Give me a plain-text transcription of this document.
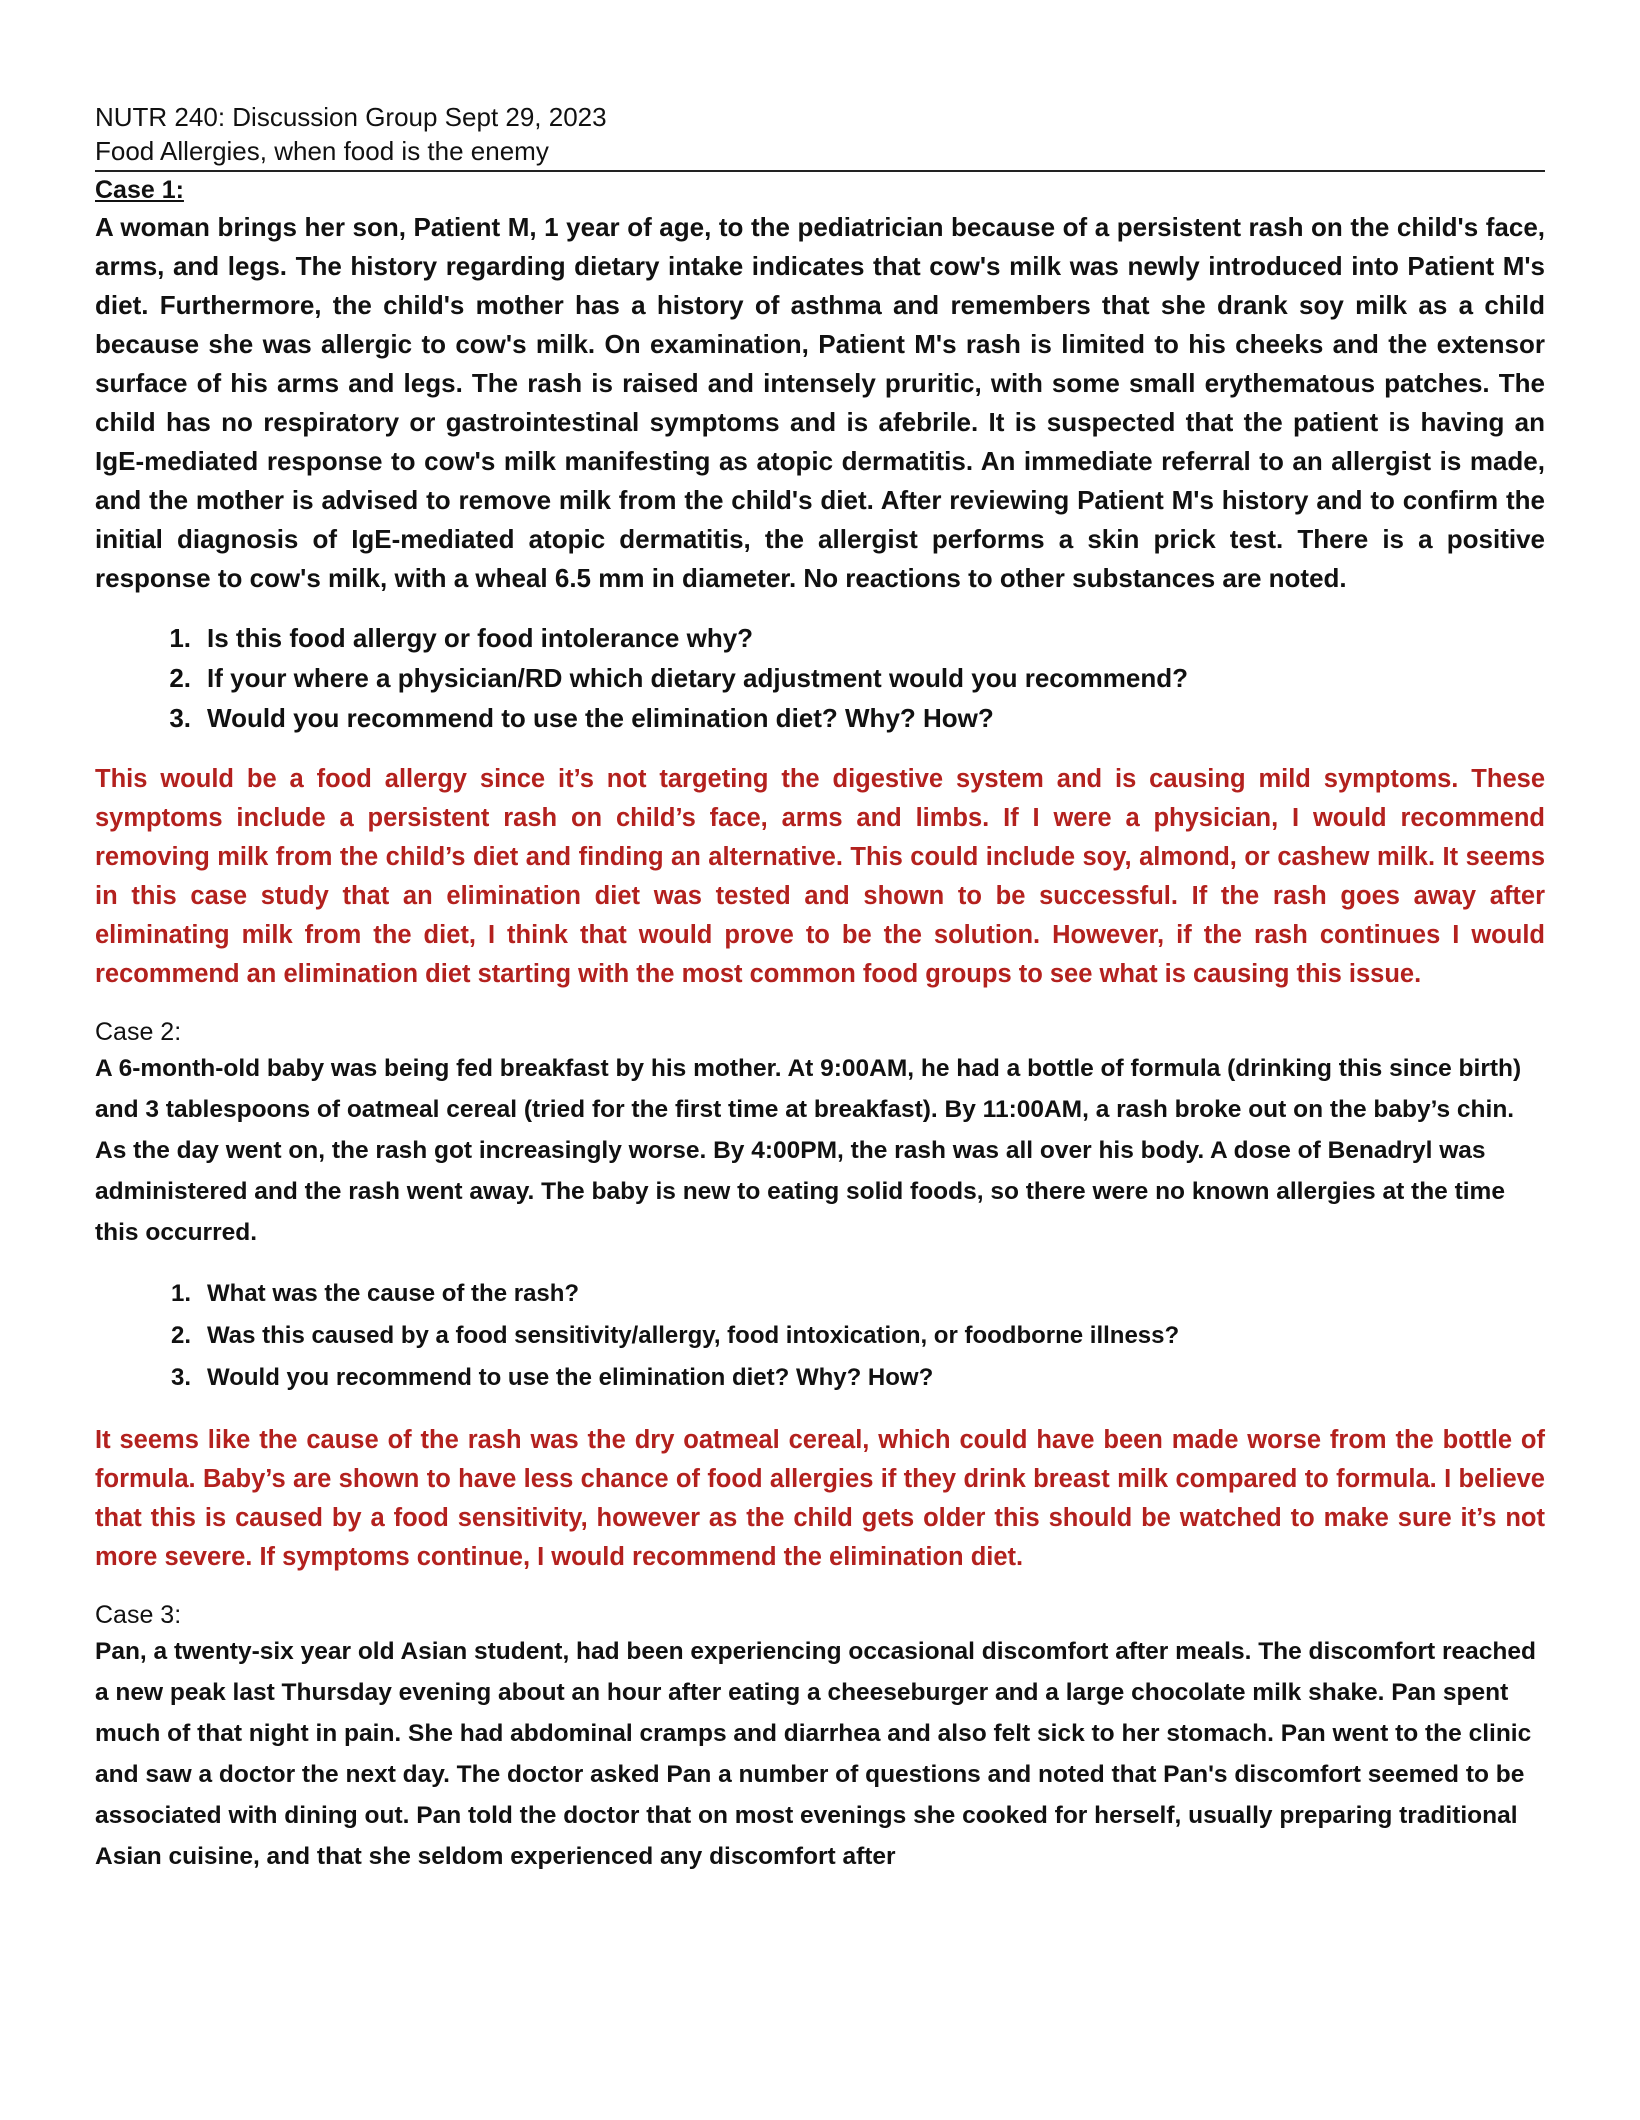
NUTR 240: Discussion Group Sept 29, 2023
Food Allergies, when food is the enemy
Case 1:

A woman brings her son, Patient M, 1 year of age, to the pediatrician because of a persistent rash on the child's face, arms, and legs. The history regarding dietary intake indicates that cow's milk was newly introduced into Patient M's diet. Furthermore, the child's mother has a history of asthma and remembers that she drank soy milk as a child because she was allergic to cow's milk. On examination, Patient M's rash is limited to his cheeks and the extensor surface of his arms and legs. The rash is raised and intensely pruritic, with some small erythematous patches. The child has no respiratory or gastrointestinal symptoms and is afebrile. It is suspected that the patient is having an IgE-mediated response to cow's milk manifesting as atopic dermatitis. An immediate referral to an allergist is made, and the mother is advised to remove milk from the child's diet. After reviewing Patient M's history and to confirm the initial diagnosis of IgE-mediated atopic dermatitis, the allergist performs a skin prick test. There is a positive response to cow's milk, with a wheal 6.5 mm in diameter. No reactions to other substances are noted.

1. Is this food allergy or food intolerance why?
2. If your where a physician/RD which dietary adjustment would you recommend?
3. Would you recommend to use the elimination diet? Why? How?

This would be a food allergy since it’s not targeting the digestive system and is causing mild symptoms. These symptoms include a persistent rash on child’s face, arms and limbs. If I were a physician, I would recommend removing milk from the child’s diet and finding an alternative. This could include soy, almond, or cashew milk. It seems in this case study that an elimination diet was tested and shown to be successful. If the rash goes away after eliminating milk from the diet, I think that would prove to be the solution. However, if the rash continues I would recommend an elimination diet starting with the most common food groups to see what is causing this issue.

Case 2:

A 6-month-old baby was being fed breakfast by his mother. At 9:00AM, he had a bottle of formula (drinking this since birth) and 3 tablespoons of oatmeal cereal (tried for the first time at breakfast). By 11:00AM, a rash broke out on the baby’s chin. As the day went on, the rash got increasingly worse. By 4:00PM, the rash was all over his body. A dose of Benadryl was administered and the rash went away. The baby is new to eating solid foods, so there were no known allergies at the time this occurred.

1. What was the cause of the rash?
2. Was this caused by a food sensitivity/allergy, food intoxication, or foodborne illness?
3. Would you recommend to use the elimination diet? Why? How?

It seems like the cause of the rash was the dry oatmeal cereal, which could have been made worse from the bottle of formula. Baby’s are shown to have less chance of food allergies if they drink breast milk compared to formula. I believe that this is caused by a food sensitivity, however as the child gets older this should be watched to make sure it’s not more severe. If symptoms continue, I would recommend the elimination diet.

Case 3:

Pan, a twenty-six year old Asian student, had been experiencing occasional discomfort after meals. The discomfort reached a new peak last Thursday evening about an hour after eating a cheeseburger and a large chocolate milk shake. Pan spent much of that night in pain. She had abdominal cramps and diarrhea and also felt sick to her stomach. Pan went to the clinic and saw a doctor the next day. The doctor asked Pan a number of questions and noted that Pan's discomfort seemed to be associated with dining out. Pan told the doctor that on most evenings she cooked for herself, usually preparing traditional Asian cuisine, and that she seldom experienced any discomfort after
